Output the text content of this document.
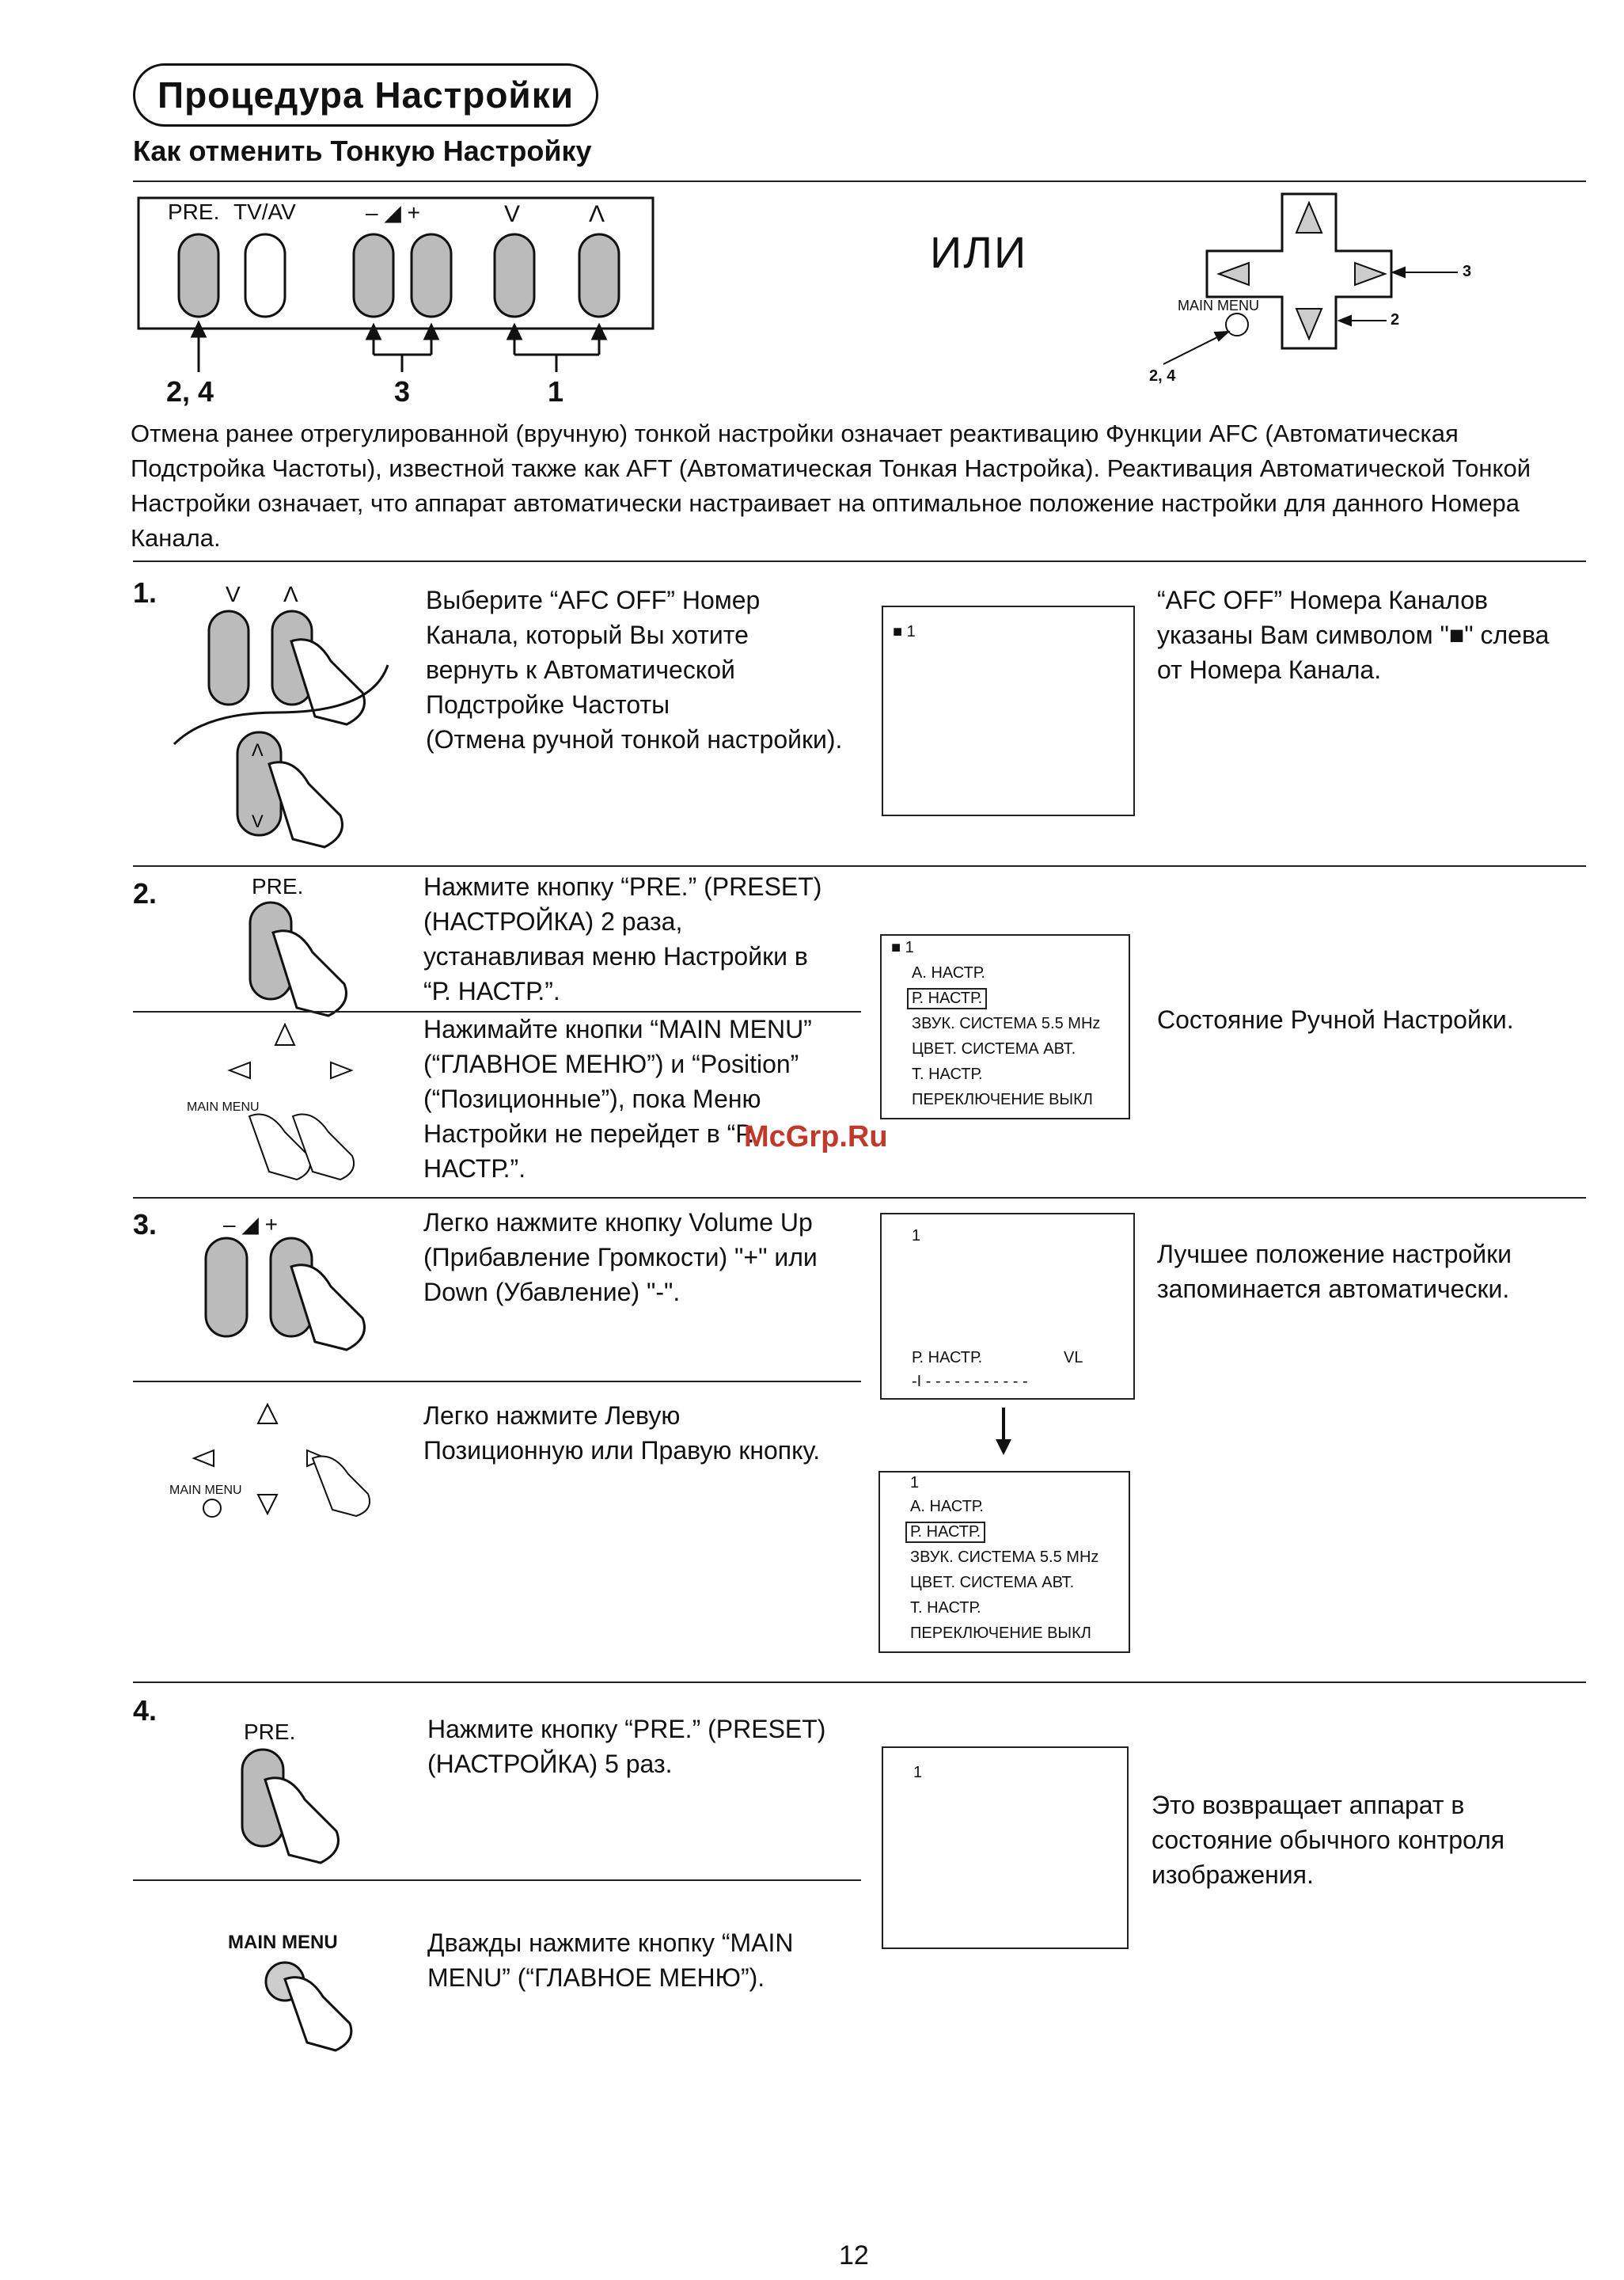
Процедура Настройки
Как отменить Тонкую Настройку
PRE. TV/AV	– ◢ +	V	Λ
2, 4	3	1
ИЛИ
MAIN MENU
3
2
2, 4
Отмена ранее отрегулированной (вручную) тонкой настройки означает реактивацию Функции AFC (Автоматическая Подстройка Частоты), известной также как AFT (Автоматическая Тонкая Настройка). Реактивация Автоматической Тонкой Настройки означает, что аппарат автоматически настраивает на оптимальное положение настройки для данного Номера Канала.
1.	V Λ
Λ
V
Выберите “AFC OFF” Номер
Канала, который Вы хотите
вернуть к Автоматической
Подстройке Частоты
(Отмена ручной тонкой настройки).
■ 1
“AFC OFF” Номера Каналов
указаны Вам символом "■" слева
от Номера Канала.
2.	PRE.	Нажмите кнопку “PRE.” (PRESET)
(НАСТРОЙКА) 2 раза,
устанавливая меню Настройки в
“Р. НАСТР.”.
MAIN MENU
Нажимайте кнопки “MAIN MENU”
(“ГЛАВНОЕ МЕНЮ”) и “Position”
(“Позиционные”), пока Меню
Настройки не перейдет в “Р.
НАСТР.”.
■ 1
А. НАСТР.
Р. НАСТР.
ЗВУК. СИСТЕМА 5.5 MHz
ЦВЕТ. СИСТЕМА АВТ.
Т. НАСТР.
ПЕРЕКЛЮЧЕНИЕ ВЫКЛ
Состояние Ручной Настройки.
McGrp.Ru
3.	– ◢ +	Легко нажмите кнопку Volume Up
(Прибавление Громкости) "+" или
Down (Убавление) "-".
1
Р. НАСТР.	VL
-I - - - - - - - - - - -
Лучшее положение настройки
запоминается автоматически.
MAIN MENU
Легко нажмите Левую
Позиционную или Правую кнопку.
1
А. НАСТР.
Р. НАСТР.
ЗВУК. СИСТЕМА 5.5 MHz
ЦВЕТ. СИСТЕМА АВТ.
Т. НАСТР.
ПЕРЕКЛЮЧЕНИЕ ВЫКЛ
4.
PRE.	Нажмите кнопку “PRE.” (PRESET)
(НАСТРОЙКА) 5 раз.	1
Это возвращает аппарат в
состояние обычного контроля
изображения.
MAIN MENU	Дважды нажмите кнопку “MAIN
MENU” (“ГЛАВНОЕ МЕНЮ”).
12
